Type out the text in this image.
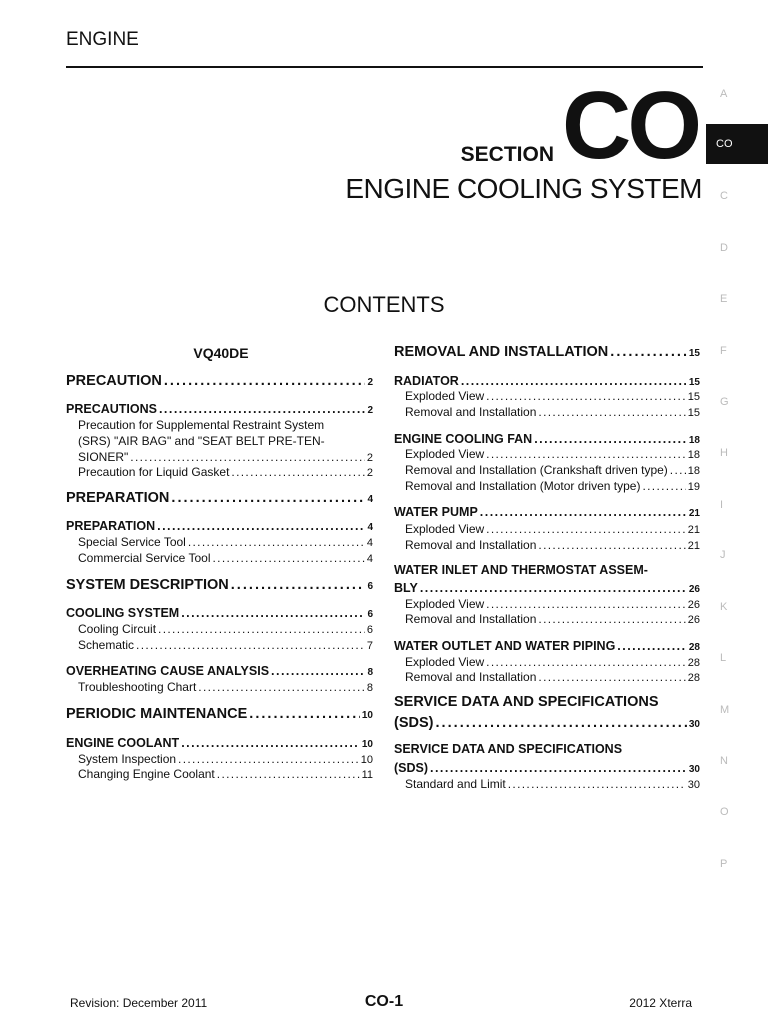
ENGINE
SECTION CO
ENGINE COOLING SYSTEM
CONTENTS
VQ40DE
PRECAUTION . . .	2
PRECAUTIONS . . .	2
Precaution for Supplemental Restraint System
(SRS) "AIR BAG" and "SEAT BELT PRE-TEN-
SIONER" . . .	2
Precaution for Liquid Gasket . . .	2
PREPARATION . . .	4
PREPARATION . . .	4
Special Service Tool . . .	4
Commercial Service Tool . . .	4
SYSTEM DESCRIPTION . . .	6
COOLING SYSTEM . . .	6
Cooling Circuit . . .	6
Schematic . . .	7
OVERHEATING CAUSE ANALYSIS . . .	8
Troubleshooting Chart . . .	8
PERIODIC MAINTENANCE . . .	10
ENGINE COOLANT . . .	10
System Inspection . . .	10
Changing Engine Coolant . . .	11
REMOVAL AND INSTALLATION . . .	15
RADIATOR . . .	15
Exploded View . . .	15
Removal and Installation . . .	15
ENGINE COOLING FAN . . .	18
Exploded View . . .	18
Removal and Installation (Crankshaft driven type) . . . 18
Removal and Installation (Motor driven type) . . .	19
WATER PUMP . . .	21
Exploded View . . .	21
Removal and Installation . . .	21
WATER INLET AND THERMOSTAT ASSEM-
BLY . . .	26
Exploded View . . .	26
Removal and Installation . . .	26
WATER OUTLET AND WATER PIPING . . .	28
Exploded View . . .	28
Removal and Installation . . .	28
SERVICE DATA AND SPECIFICATIONS
(SDS) . . .	30
SERVICE DATA AND SPECIFICATIONS
(SDS) . . .	30
Standard and Limit . . .	30
CO
A
C
D
E
F
G
H
I
J
K
L
M
N
O
P
Revision: December 2011	CO-1	2012 Xterra
